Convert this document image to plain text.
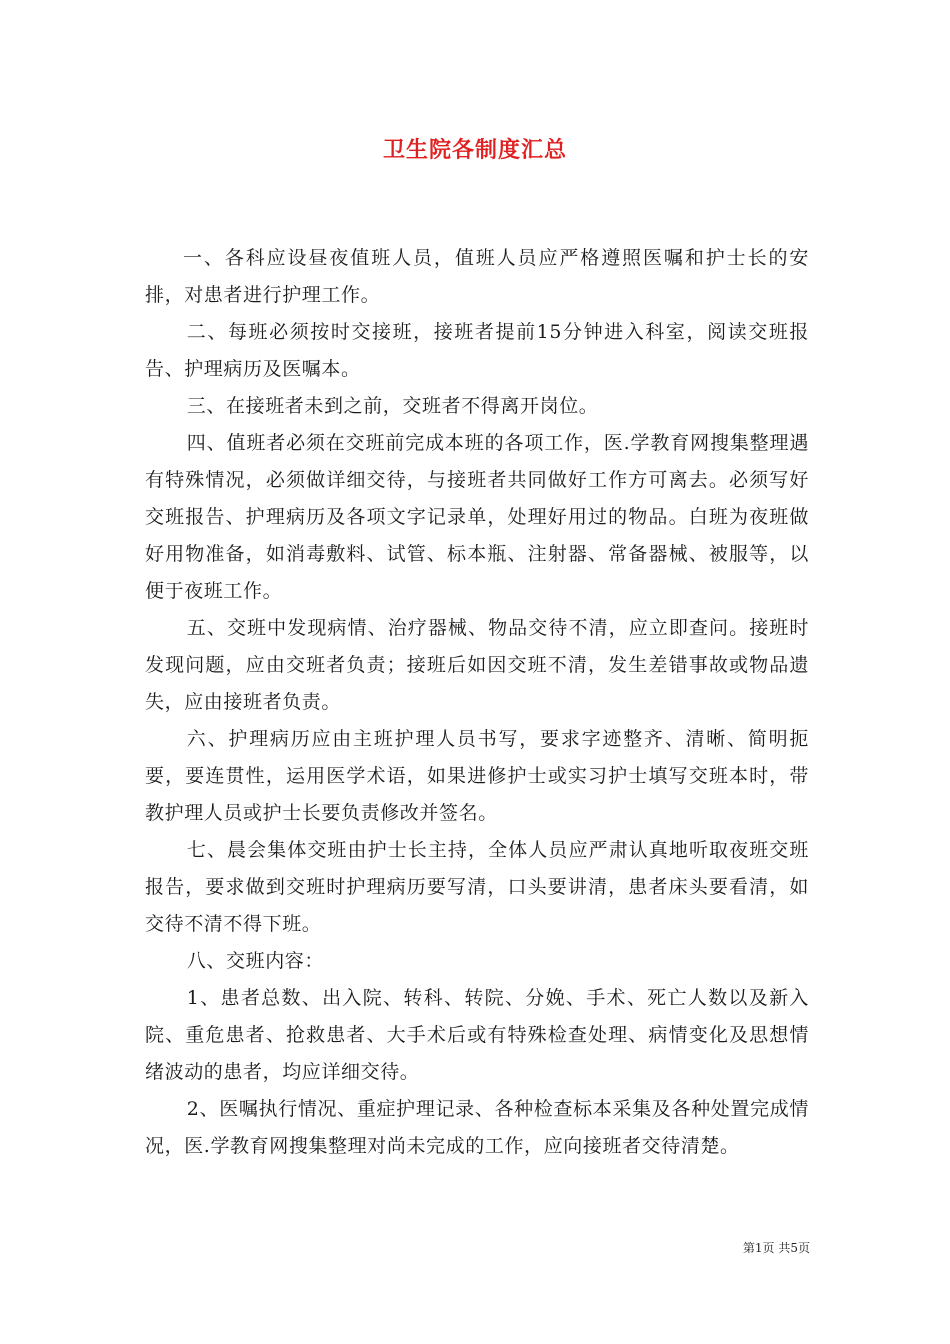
卫生院各制度汇总

一、各科应设昼夜值班人员，值班人员应严格遵照医嘱和护士长的安排，对患者进行护理工作。

二、每班必须按时交接班，接班者提前15分钟进入科室，阅读交班报告、护理病历及医嘱本。

三、在接班者未到之前，交班者不得离开岗位。

四、值班者必须在交班前完成本班的各项工作，医.学教育网搜集整理遇有特殊情况，必须做详细交待，与接班者共同做好工作方可离去。必须写好交班报告、护理病历及各项文字记录单，处理好用过的物品。白班为夜班做好用物准备，如消毒敷料、试管、标本瓶、注射器、常备器械、被服等，以便于夜班工作。

五、交班中发现病情、治疗器械、物品交待不清，应立即查问。接班时发现问题，应由交班者负责；接班后如因交班不清，发生差错事故或物品遗失，应由接班者负责。

六、护理病历应由主班护理人员书写，要求字迹整齐、清晰、简明扼要，要连贯性，运用医学术语，如果进修护士或实习护士填写交班本时，带教护理人员或护士长要负责修改并签名。

七、晨会集体交班由护士长主持，全体人员应严肃认真地听取夜班交班报告，要求做到交班时护理病历要写清，口头要讲清，患者床头要看清，如交待不清不得下班。

八、交班内容：

1、患者总数、出入院、转科、转院、分娩、手术、死亡人数以及新入院、重危患者、抢救患者、大手术后或有特殊检查处理、病情变化及思想情绪波动的患者，均应详细交待。

2、医嘱执行情况、重症护理记录、各种检查标本采集及各种处置完成情况，医.学教育网搜集整理对尚未完成的工作，应向接班者交待清楚。

第1页 共5页
